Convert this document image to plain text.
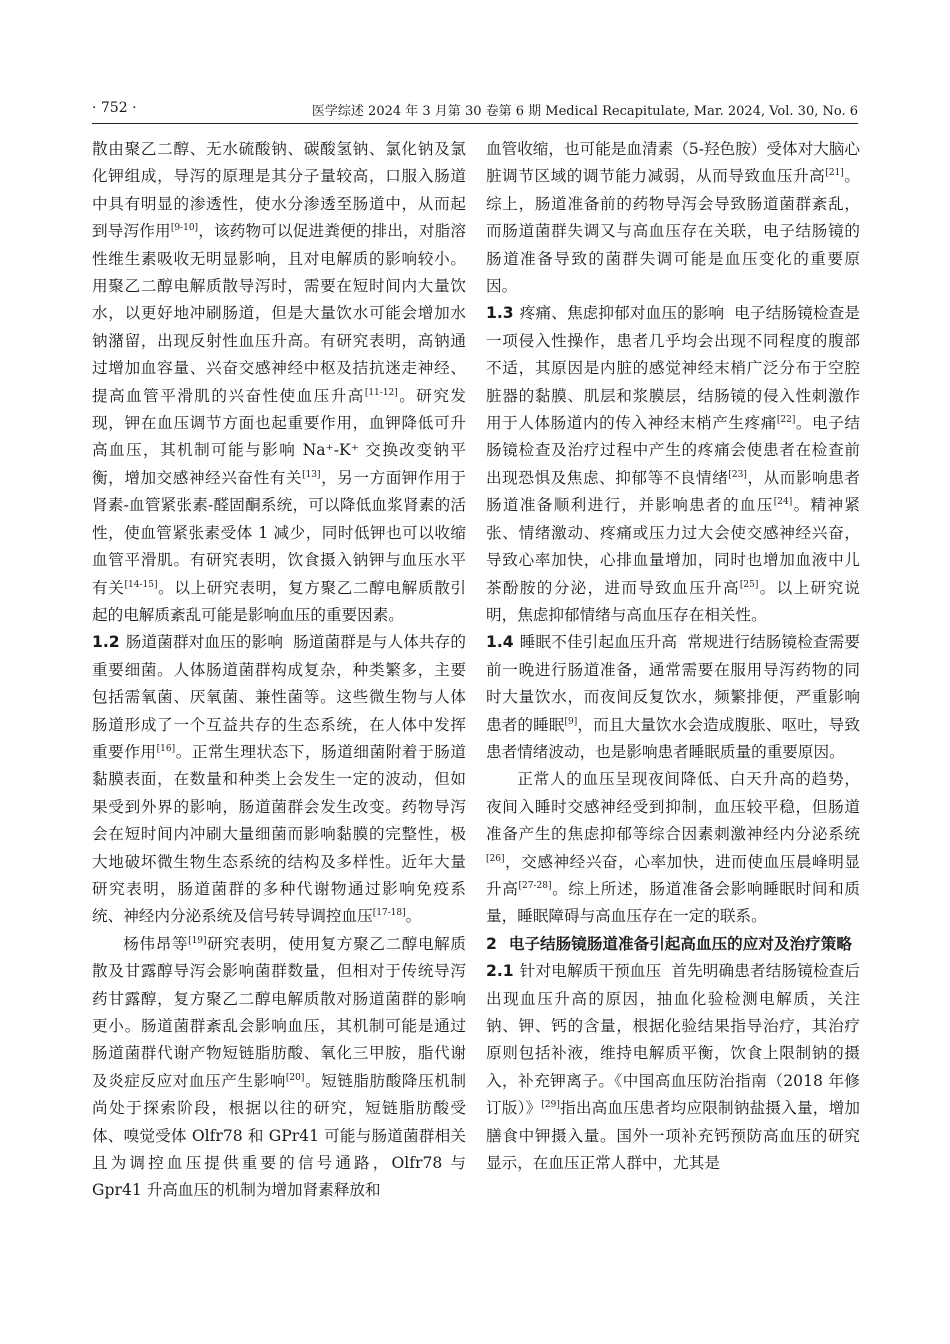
· 752 ·	医学综述 2024 年 3 月第 30 卷第 6 期 Medical Recapitulate, Mar. 2024, Vol. 30, No. 6

散由聚乙二醇、无水硫酸钠、碳酸氢钠、氯化钠及氯化钾组成，导泻的原理是其分子量较高，口服入肠道中具有明显的渗透性，使水分渗透至肠道中，从而起到导泻作用[9-10]，该药物可以促进粪便的排出，对脂溶性维生素吸收无明显影响，且对电解质的影响较小。用聚乙二醇电解质散导泻时，需要在短时间内大量饮水，以更好地冲刷肠道，但是大量饮水可能会增加水钠潴留，出现反射性血压升高。有研究表明，高钠通过增加血容量、兴奋交感神经中枢及拮抗迷走神经、提高血管平滑肌的兴奋性使血压升高[11-12]。研究发现，钾在血压调节方面也起重要作用，血钾降低可升高血压，其机制可能与影响 Na⁺-K⁺ 交换改变钠平衡，增加交感神经兴奋性有关[13]，另一方面钾作用于肾素-血管紧张素-醛固酮系统，可以降低血浆肾素的活性，使血管紧张素受体 1 减少，同时低钾也可以收缩血管平滑肌。有研究表明，饮食摄入钠钾与血压水平有关[14-15]。以上研究表明，复方聚乙二醇电解质散引起的电解质紊乱可能是影响血压的重要因素。

1.2 肠道菌群对血压的影响 肠道菌群是与人体共存的重要细菌。人体肠道菌群构成复杂，种类繁多，主要包括需氧菌、厌氧菌、兼性菌等。这些微生物与人体肠道形成了一个互益共存的生态系统，在人体中发挥重要作用[16]。正常生理状态下，肠道细菌附着于肠道黏膜表面，在数量和种类上会发生一定的波动，但如果受到外界的影响，肠道菌群会发生改变。药物导泻会在短时间内冲刷大量细菌而影响黏膜的完整性，极大地破坏微生物生态系统的结构及多样性。近年大量研究表明，肠道菌群的多种代谢物通过影响免疫系统、神经内分泌系统及信号转导调控血压[17-18]。

杨伟昂等[19]研究表明，使用复方聚乙二醇电解质散及甘露醇导泻会影响菌群数量，但相对于传统导泻药甘露醇，复方聚乙二醇电解质散对肠道菌群的影响更小。肠道菌群紊乱会影响血压，其机制可能是通过肠道菌群代谢产物短链脂肪酸、氧化三甲胺，脂代谢及炎症反应对血压产生影响[20]。短链脂肪酸降压机制尚处于探索阶段，根据以往的研究，短链脂肪酸受体、嗅觉受体 Olfr78 和 GPr41 可能与肠道菌群相关且为调控血压提供重要的信号通路，Olfr78 与 Gpr41 升高血压的机制为增加肾素释放和

血管收缩，也可能是血清素（5-羟色胺）受体对大脑心脏调节区域的调节能力减弱，从而导致血压升高[21]。综上，肠道准备前的药物导泻会导致肠道菌群紊乱，而肠道菌群失调又与高血压存在关联，电子结肠镜的肠道准备导致的菌群失调可能是血压变化的重要原因。

1.3 疼痛、焦虑抑郁对血压的影响 电子结肠镜检查是一项侵入性操作，患者几乎均会出现不同程度的腹部不适，其原因是内脏的感觉神经末梢广泛分布于空腔脏器的黏膜、肌层和浆膜层，结肠镜的侵入性刺激作用于人体肠道内的传入神经末梢产生疼痛[22]。电子结肠镜检查及治疗过程中产生的疼痛会使患者在检查前出现恐惧及焦虑、抑郁等不良情绪[23]，从而影响患者肠道准备顺利进行，并影响患者的血压[24]。精神紧张、情绪激动、疼痛或压力过大会使交感神经兴奋，导致心率加快，心排血量增加，同时也增加血液中儿茶酚胺的分泌，进而导致血压升高[25]。以上研究说明，焦虑抑郁情绪与高血压存在相关性。

1.4 睡眠不佳引起血压升高 常规进行结肠镜检查需要前一晚进行肠道准备，通常需要在服用导泻药物的同时大量饮水，而夜间反复饮水，频繁排便，严重影响患者的睡眠[9]，而且大量饮水会造成腹胀、呕吐，导致患者情绪波动，也是影响患者睡眠质量的重要原因。

正常人的血压呈现夜间降低、白天升高的趋势，夜间入睡时交感神经受到抑制，血压较平稳，但肠道准备产生的焦虑抑郁等综合因素刺激神经内分泌系统[26]，交感神经兴奋，心率加快，进而使血压晨峰明显升高[27-28]。综上所述，肠道准备会影响睡眠时间和质量，睡眠障碍与高血压存在一定的联系。

2 电子结肠镜肠道准备引起高血压的应对及治疗策略

2.1 针对电解质干预血压 首先明确患者结肠镜检查后出现血压升高的原因，抽血化验检测电解质，关注钠、钾、钙的含量，根据化验结果指导治疗，其治疗原则包括补液，维持电解质平衡，饮食上限制钠的摄入，补充钾离子。《中国高血压防治指南（2018 年修订版）》[29]指出高血压患者均应限制钠盐摄入量，增加膳食中钾摄入量。国外一项补充钙预防高血压的研究显示，在血压正常人群中，尤其是
